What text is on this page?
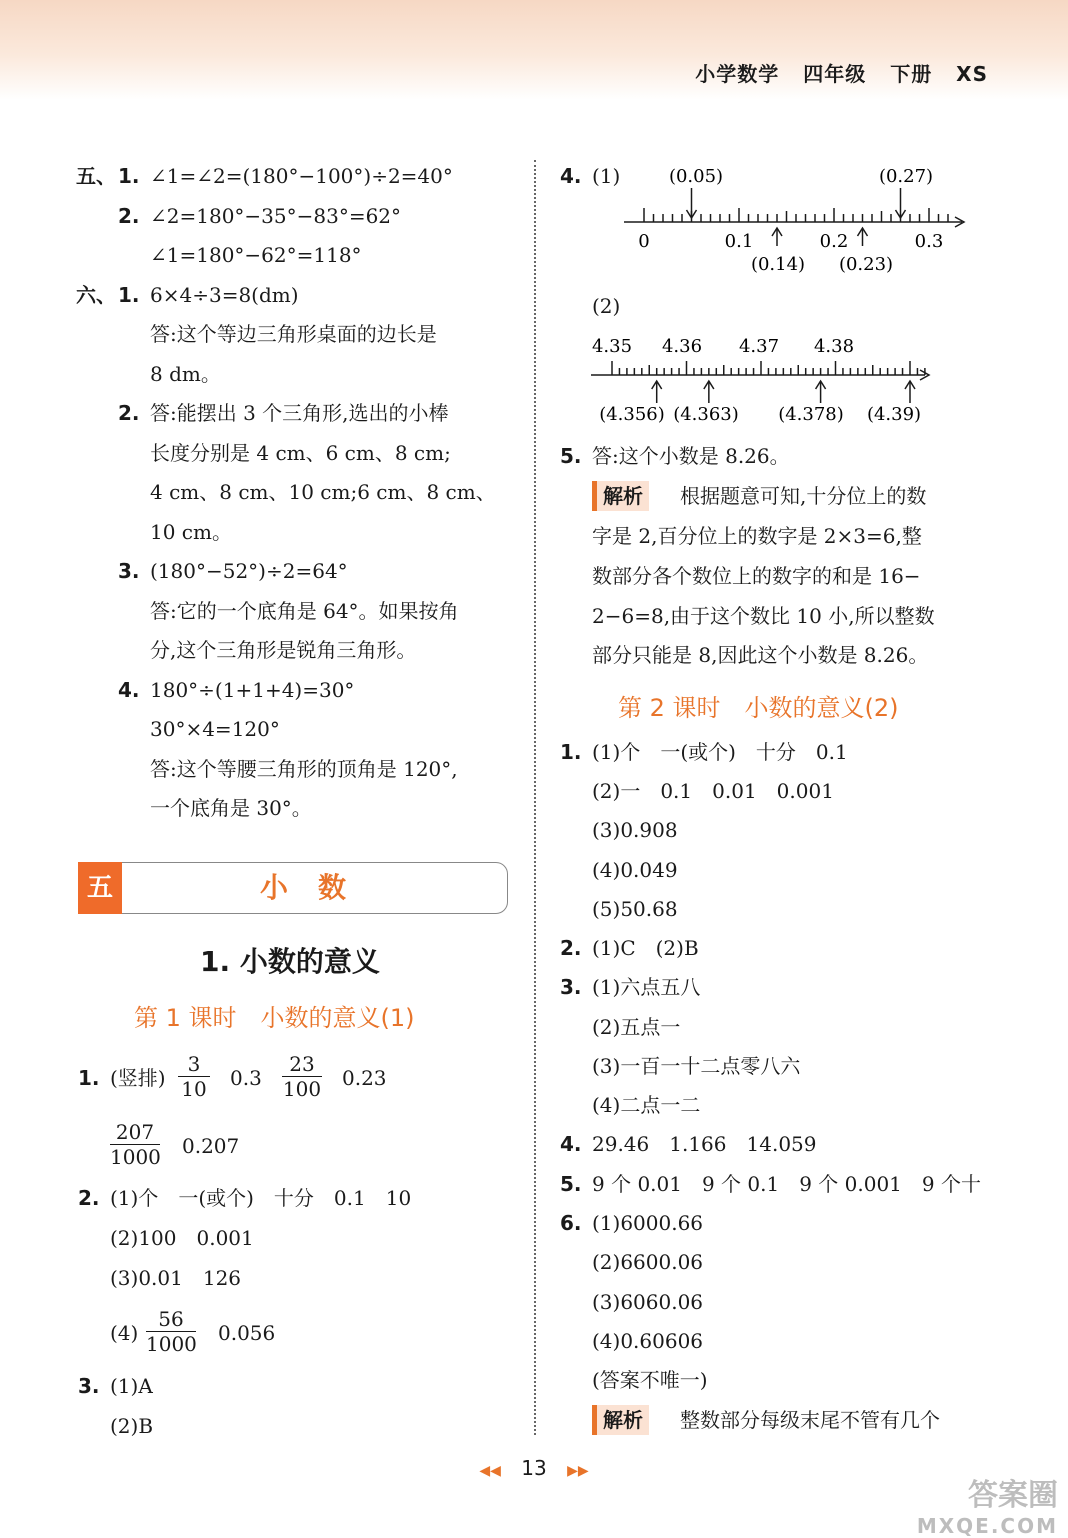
小学数学 四年级 下册 XS
五、 1. ∠1=∠2=(180°−100°)÷2=40°
2. ∠2=180°−35°−83°=62°
∠1=180°−62°=118°
六、 1. 6×4÷3=8(dm)
答:这个等边三角形桌面的边长是
8 dm。
2. 答:能摆出 3 个三角形,选出的小棒
长度分别是 4 cm、6 cm、8 cm;
4 cm、8 cm、10 cm;6 cm、8 cm、
10 cm。
3. (180°−52°)÷2=64°
答:它的一个底角是 64°。如果按角
分,这个三角形是锐角三角形。
4. 180°÷(1+1+4)=30°
30°×4=120°
答:这个等腰三角形的顶角是 120°,
一个底角是 30°。
五	小数
1. 小数的意义
第 1 课时　小数的意义(1)
1. (竖排) $\frac{3}{10} 0.3 \frac{23}{100} 0.23$
$\frac{207}{1000} 0.207$
2. (1)个　一(或个)　十分　0.1　10
(2)100　0.001
(3)0.01　126
$(4) \frac{56}{1000} 0.056$
3. (1)A
(2)B
4. (1)
0	0.1	0.2	0.3
(0.05)	(0.27)
(0.14) (0.23)
(2)
4.35 4.36 4.37 4.38
(4.356) (4.363) (4.378) (4.39)
5. 答:这个小数是 8.26。
解析	根据题意可知,十分位上的数
字是 2,百分位上的数字是 2×3=6,整
数部分各个数位上的数字的和是 16−
2−6=8,由于这个数比 10 小,所以整数
部分只能是 8,因此这个小数是 8.26。
第 2 课时　小数的意义(2)
1. (1)个　一(或个)　十分　0.1
(2)一　0.1　0.01　0.001
(3)0.908
(4)0.049
(5)50.68
2. (1)C　(2)B
3. (1)六点五八
(2)五点一
(3)一百一十二点零八六
(4)二点一二
4. 29.46　1.166　14.059
5. 9 个 0.01　9 个 0.1　9 个 0.001　9 个十
6. (1)6000.66
(2)6600.06
(3)6060.06
(4)0.60606
(答案不唯一)
解析	整数部分每级末尾不管有几个
◀◀ 13 ▶▶
答案圈
MXQE.COM
